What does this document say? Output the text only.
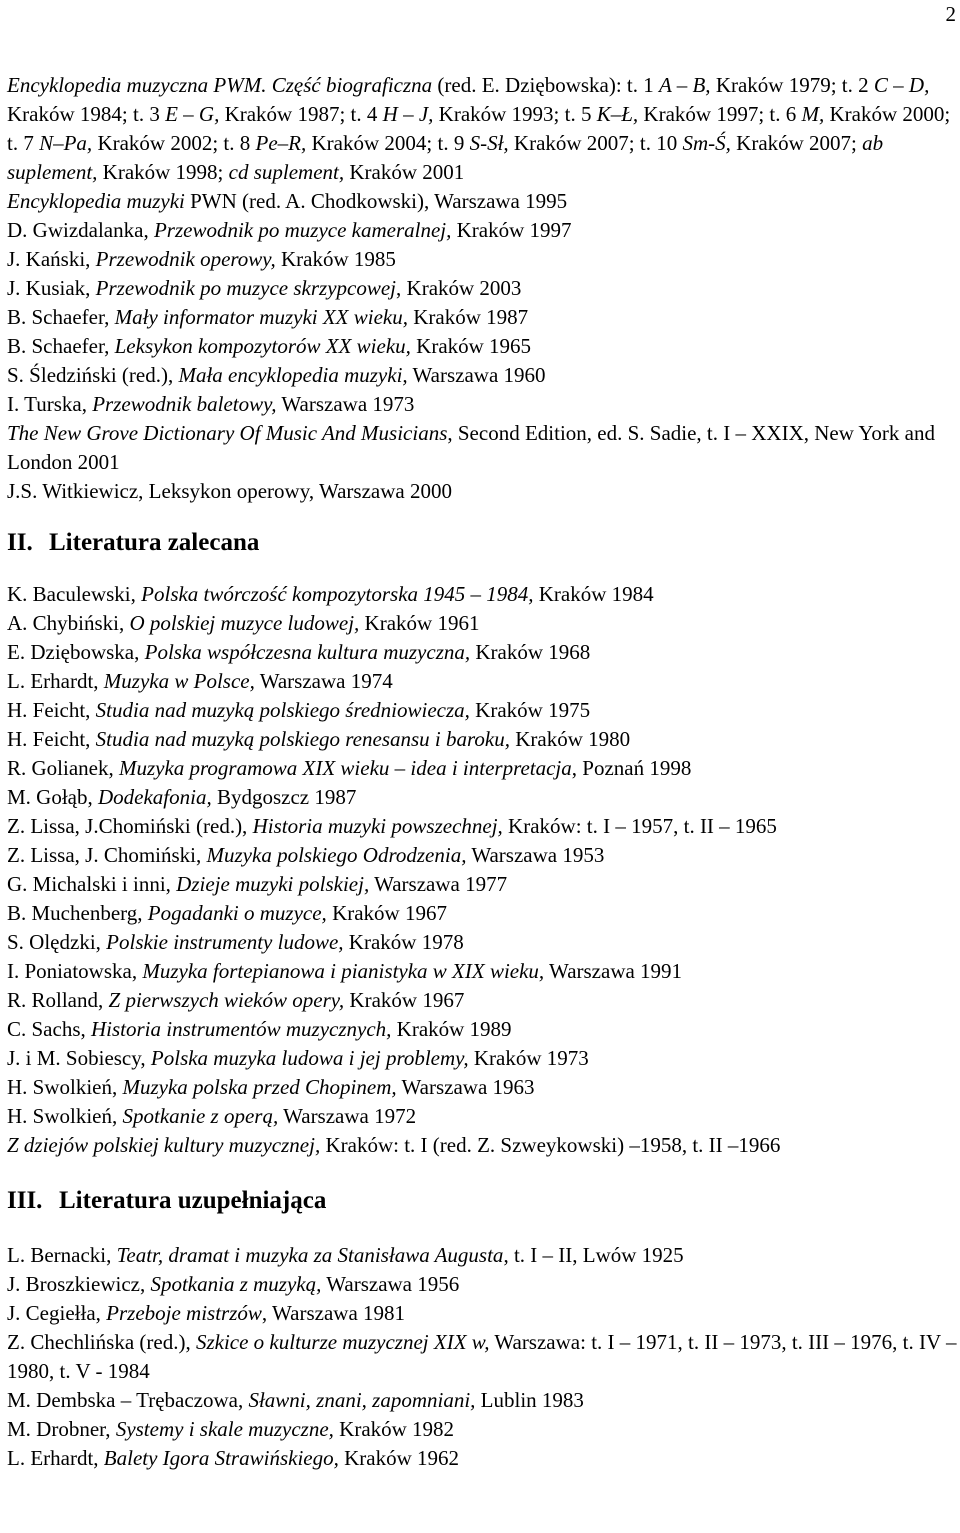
2

Encyklopedia muzyczna PWM. Część biograficzna (red. E. Dziębowska): t. 1 A – B, Kraków 1979; t. 2 C – D, Kraków 1984; t. 3 E – G, Kraków 1987; t. 4 H – J, Kraków 1993; t. 5 K–Ł, Kraków 1997; t. 6 M, Kraków 2000; t. 7 N–Pa, Kraków 2002; t. 8 Pe–R, Kraków 2004; t. 9 S-Sł, Kraków 2007; t. 10 Sm-Ś, Kraków 2007; ab suplement, Kraków 1998; cd suplement, Kraków 2001

Encyklopedia muzyki PWN (red. A. Chodkowski), Warszawa 1995

D. Gwizdalanka, Przewodnik po muzyce kameralnej, Kraków 1997

J. Kański, Przewodnik operowy, Kraków 1985

J. Kusiak, Przewodnik po muzyce skrzypcowej, Kraków 2003

B. Schaefer, Mały informator muzyki XX wieku, Kraków 1987

B. Schaefer, Leksykon kompozytorów XX wieku, Kraków 1965

S. Śledziński (red.), Mała encyklopedia muzyki, Warszawa 1960

I. Turska, Przewodnik baletowy, Warszawa 1973

The New Grove Dictionary Of Music And Musicians, Second Edition, ed. S. Sadie, t. I – XXIX, New York and London 2001

J.S. Witkiewicz, Leksykon operowy, Warszawa 2000

II. Literatura zalecana

K. Baculewski, Polska twórczość kompozytorska 1945 – 1984, Kraków 1984

A. Chybiński, O polskiej muzyce ludowej, Kraków 1961

E. Dziębowska, Polska współczesna kultura muzyczna, Kraków 1968

L. Erhardt, Muzyka w Polsce, Warszawa 1974

H. Feicht, Studia nad muzyką polskiego średniowiecza, Kraków 1975

H. Feicht, Studia nad muzyką polskiego renesansu i baroku, Kraków 1980

R. Golianek, Muzyka programowa XIX wieku – idea i interpretacja, Poznań 1998

M. Gołąb, Dodekafonia, Bydgoszcz 1987

Z. Lissa, J.Chomiński (red.), Historia muzyki powszechnej, Kraków: t. I – 1957, t. II – 1965

Z. Lissa, J. Chomiński, Muzyka polskiego Odrodzenia, Warszawa 1953

G. Michalski i inni, Dzieje muzyki polskiej, Warszawa 1977

B. Muchenberg, Pogadanki o muzyce, Kraków 1967

S. Olędzki, Polskie instrumenty ludowe, Kraków 1978

I. Poniatowska, Muzyka fortepianowa i pianistyka w XIX wieku, Warszawa 1991

R. Rolland, Z pierwszych wieków opery, Kraków 1967

C. Sachs, Historia instrumentów muzycznych, Kraków 1989

J. i M. Sobiescy, Polska muzyka ludowa i jej problemy, Kraków 1973

H. Swolkień, Muzyka polska przed Chopinem, Warszawa 1963

H. Swolkień, Spotkanie z operą, Warszawa 1972

Z dziejów polskiej kultury muzycznej, Kraków: t. I (red. Z. Szweykowski) –1958, t. II –1966

III. Literatura uzupełniająca

L. Bernacki, Teatr, dramat i muzyka za Stanisława Augusta, t. I – II, Lwów 1925

J. Broszkiewicz, Spotkania z muzyką, Warszawa 1956

J. Cegiełła, Przeboje mistrzów, Warszawa 1981

Z. Chechlińska (red.), Szkice o kulturze muzycznej XIX w, Warszawa: t. I – 1971, t. II – 1973, t. III – 1976, t. IV – 1980, t. V - 1984

M. Dembska – Trębaczowa, Sławni, znani, zapomniani, Lublin 1983

M. Drobner, Systemy i skale muzyczne, Kraków 1982

L. Erhardt, Balety Igora Strawińskiego, Kraków 1962
